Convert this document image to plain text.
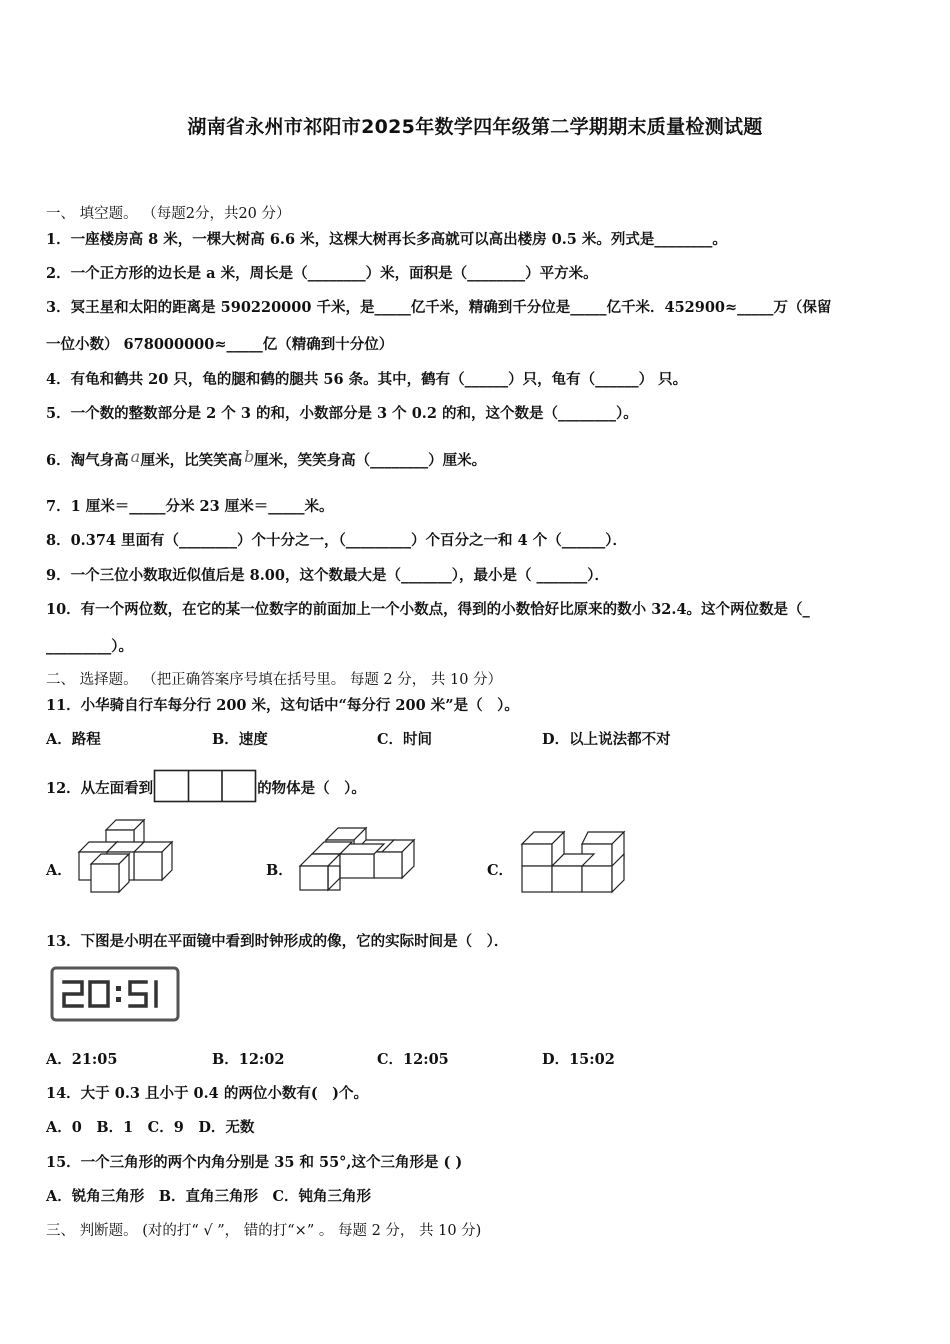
湖南省永州市祁阳市2025年数学四年级第二学期期末质量检测试题
一、 填空题。 （每题2分，共20 分）
1．一座楼房高 8 米，一棵大树高 6.6 米，这棵大树再长多高就可以高出楼房 0.5 米。列式是________。
2．一个正方形的边长是 a 米，周长是（________）米，面积是（________）平方米。
3．冥王星和太阳的距离是 590220000 千米，是_____亿千米，精确到千分位是_____亿千米．452900≈_____万（保留
一位小数） 678000000≈_____亿（精确到十分位）
4．有龟和鹤共 20 只，龟的腿和鹤的腿共 56 条。其中，鹤有（______）只，龟有（______） 只。
5．一个数的整数部分是 2 个 3 的和，小数部分是 3 个 0.2 的和，这个数是（________）。
6．淘气身高 a 厘米，比笑笑高 b 厘米，笑笑身高（________）厘米。
7．1 厘米＝_____分米 23 厘米＝_____米。
8．0.374 里面有（________）个十分之一，（_________）个百分之一和 4 个（______）．
9．一个三位小数取近似值后是 8.00，这个数最大是（_______），最小是（ _______）．
10．有一个两位数，在它的某一位数字的前面加上一个小数点，得到的小数恰好比原来的数小 32.4。这个两位数是（_
_________）。
二、 选择题。 （把正确答案序号填在括号里。 每题 2 分， 共 10 分）
11．小华骑自行车每分行 200 米，这句话中“每分行 200 米”是（　）。
A．路程	B．速度	C．时间	D．以上说法都不对
12．从左面看到	的物体是（　）。
A．	B．	C．
13．下图是小明在平面镜中看到时钟形成的像，它的实际时间是（　）．
A．21:05	B．12:02	C．12:05	D．15:02
14．大于 0.3 且小于 0.4 的两位小数有(　)个。
A．0　B．1　C．9　D．无数
15．一个三角形的两个内角分别是 35 和 55°,这个三角形是 ( )
A．锐角三角形　B．直角三角形　C．钝角三角形
三、 判断题。 (对的打“ √ ”， 错的打“×” 。 每题 2 分， 共 10 分)
